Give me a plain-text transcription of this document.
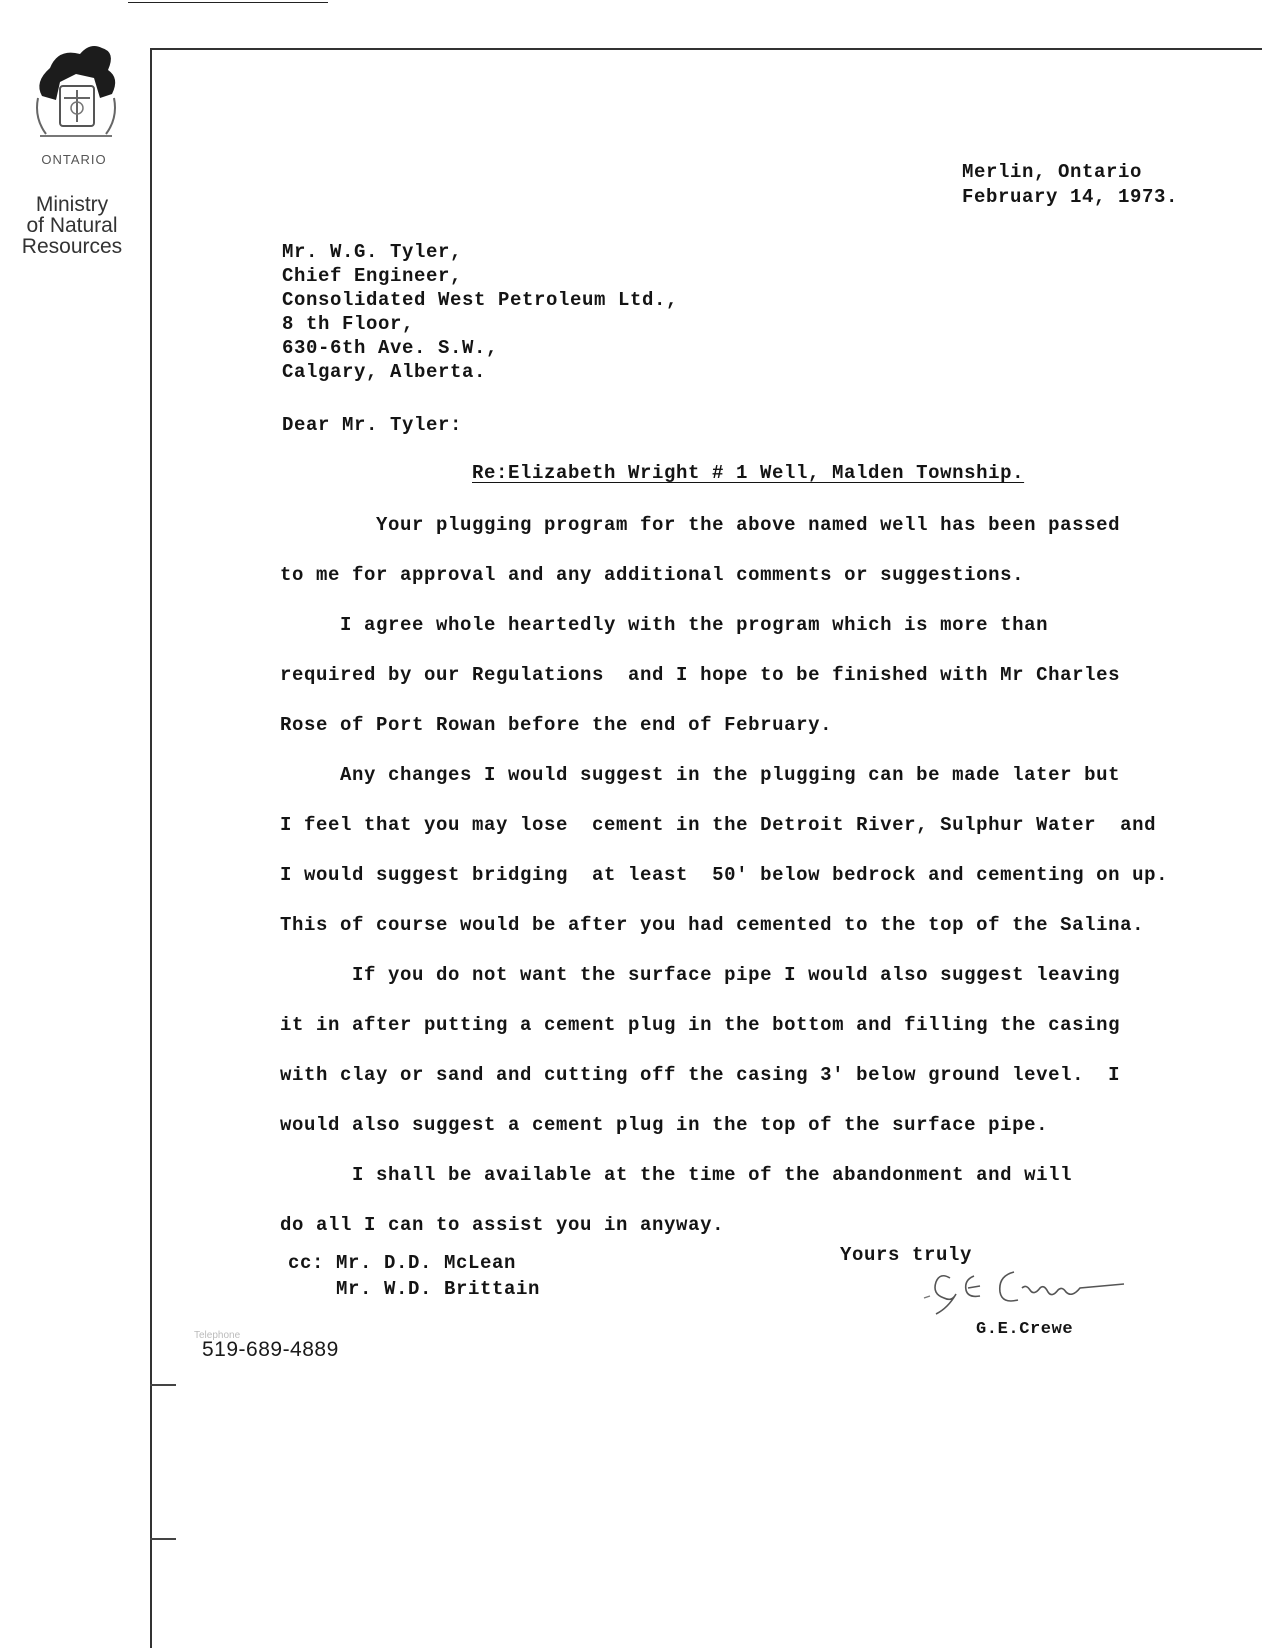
ONTARIO
Ministry
of Natural
Resources
Merlin, Ontario
February 14, 1973.
Mr. W.G. Tyler,
Chief Engineer,
Consolidated West Petroleum Ltd.,
8 th Floor,
630-6th Ave. S.W.,
Calgary, Alberta.
Dear Mr. Tyler:
Re:Elizabeth Wright # 1 Well, Malden Township.
Your plugging program for the above named well has been passed
to me for approval and any additional comments or suggestions.
I agree whole heartedly with the program which is more than
required by our Regulations  and I hope to be finished with Mr Charles
Rose of Port Rowan before the end of February.
Any changes I would suggest in the plugging can be made later but
I feel that you may lose  cement in the Detroit River, Sulphur Water  and
I would suggest bridging  at least  50' below bedrock and cementing on up.
This of course would be after you had cemented to the top of the Salina.
If you do not want the surface pipe I would also suggest leaving
it in after putting a cement plug in the bottom and filling the casing
with clay or sand and cutting off the casing 3' below ground level.  I
would also suggest a cement plug in the top of the surface pipe.
I shall be available at the time of the abandonment and will
do all I can to assist you in anyway.
Yours truly
cc: Mr. D.D. McLean
Mr. W.D. Brittain
G.E.Crewe
Telephone
519-689-4889
